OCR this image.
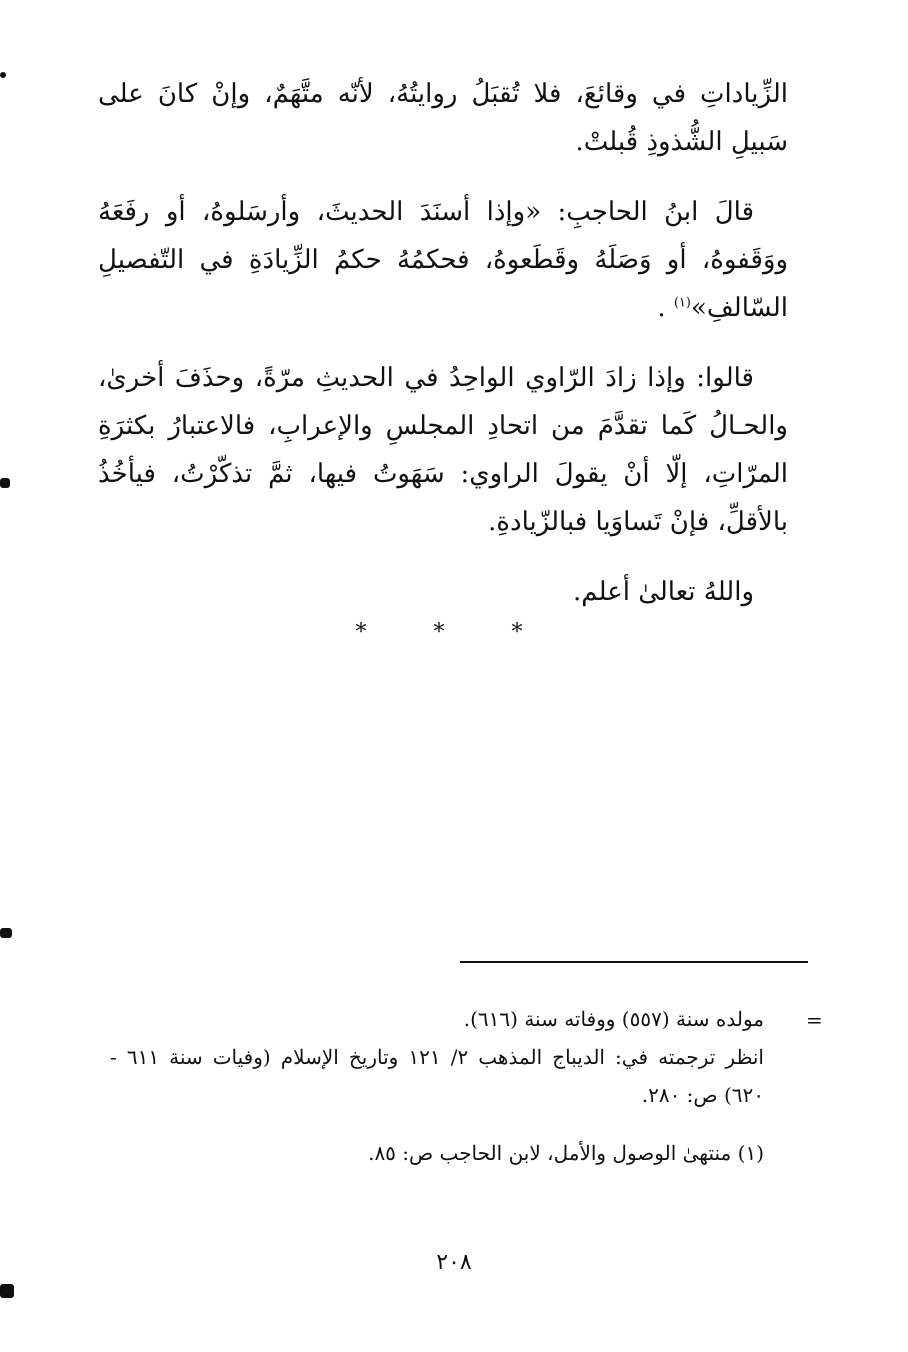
الزِّياداتِ في وقائعَ، فلا تُقبَلُ روايتُهُ، لأنّه متَّهَمٌ، وإنْ كانَ على سَبيلِ الشُّذوذِ قُبلتْ.

قالَ ابنُ الحاجبِ: «وإذا أسنَدَ الحديثَ، وأرسَلوهُ، أو رفَعَهُ ووَقَفوهُ، أو وَصَلَهُ وقَطَعوهُ، فحكمُهُ حكمُ الزِّيادَةِ في التّفصيلِ السّالفِ»$^{(١)}$ .

قالوا: وإذا زادَ الرّاوي الواحِدُ في الحديثِ مرّةً، وحذَفَ أخرىٰ، والحـالُ كَما تقدَّمَ من اتحادِ المجلسِ والإعرابِ، فالاعتبارُ بكثرَةِ المرّاتِ، إلّا أنْ يقولَ الراوي: سَهَوتُ فيها، ثمَّ تذكّرْتُ، فيأخُذُ بالأقلِّ، فإنْ تَساوَيا فبالزّيادةِ.

واللهُ تعالىٰ أعلم.

* * *
=

مولده سنة (٥٥٧) ووفاته سنة (٦١٦).

انظر ترجمته في: الديباج المذهب ٢/ ١٢١ وتاريخ الإسلام (وفيات سنة ٦١١ - ٦٢٠) ص: ٢٨٠.

(١) منتهىٰ الوصول والأمل، لابن الحاجب ص: ٨٥.

٢٠٨
